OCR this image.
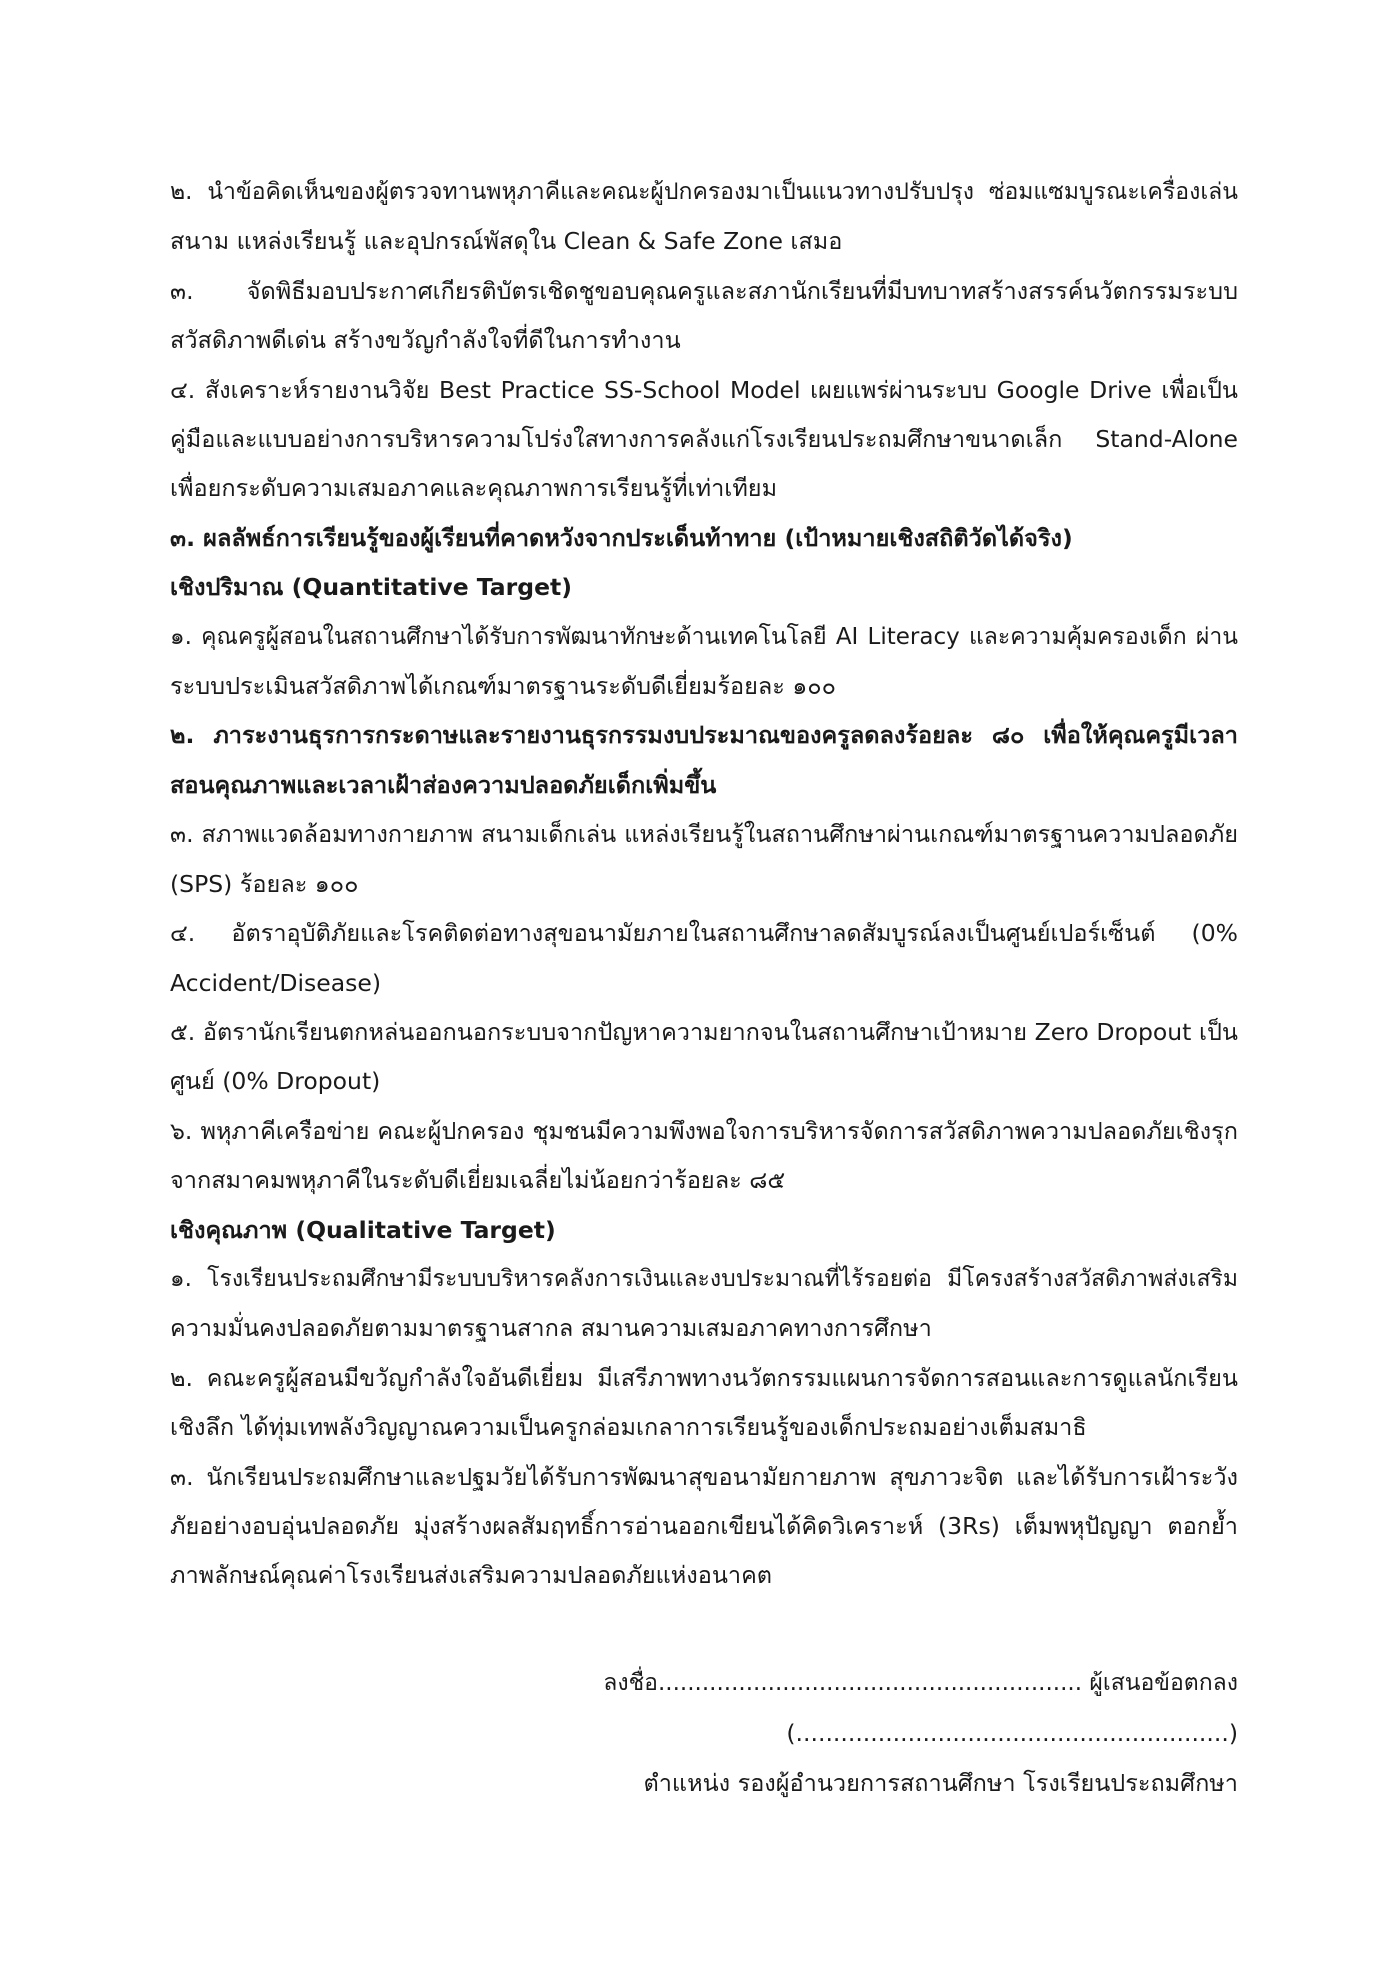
๒. นำข้อคิดเห็นของผู้ตรวจทานพหุภาคีและคณะผู้ปกครองมาเป็นแนวทางปรับปรุง ซ่อมแซมบูรณะเครื่องเล่น
สนาม แหล่งเรียนรู้ และอุปกรณ์พัสดุใน Clean & Safe Zone เสมอ
๓. จัดพิธีมอบประกาศเกียรติบัตรเชิดชูขอบคุณครูและสภานักเรียนที่มีบทบาทสร้างสรรค์นวัตกรรมระบบ
สวัสดิภาพดีเด่น สร้างขวัญกำลังใจที่ดีในการทำงาน
๔. สังเคราะห์รายงานวิจัย Best Practice SS-School Model เผยแพร่ผ่านระบบ Google Drive เพื่อเป็น
คู่มือและแบบอย่างการบริหารความโปร่งใสทางการคลังแก่โรงเรียนประถมศึกษาขนาดเล็ก Stand-Alone
เพื่อยกระดับความเสมอภาคและคุณภาพการเรียนรู้ที่เท่าเทียม
๓. ผลลัพธ์การเรียนรู้ของผู้เรียนที่คาดหวังจากประเด็นท้าทาย (เป้าหมายเชิงสถิติวัดได้จริง)
เชิงปริมาณ (Quantitative Target)
๑. คุณครูผู้สอนในสถานศึกษาได้รับการพัฒนาทักษะด้านเทคโนโลยี AI Literacy และความคุ้มครองเด็ก ผ่าน
ระบบประเมินสวัสดิภาพได้เกณฑ์มาตรฐานระดับดีเยี่ยมร้อยละ ๑๐๐
๒. ภาระงานธุรการกระดาษและรายงานธุรกรรมงบประมาณของครูลดลงร้อยละ ๘๐ เพื่อให้คุณครูมีเวลา
สอนคุณภาพและเวลาเฝ้าส่องความปลอดภัยเด็กเพิ่มขึ้น
๓. สภาพแวดล้อมทางกายภาพ สนามเด็กเล่น แหล่งเรียนรู้ในสถานศึกษาผ่านเกณฑ์มาตรฐานความปลอดภัย
(SPS) ร้อยละ ๑๐๐
๔. อัตราอุบัติภัยและโรคติดต่อทางสุขอนามัยภายในสถานศึกษาลดสัมบูรณ์ลงเป็นศูนย์เปอร์เซ็นต์ (0%
Accident/Disease)
๕. อัตรานักเรียนตกหล่นออกนอกระบบจากปัญหาความยากจนในสถานศึกษาเป้าหมาย Zero Dropout เป็น
ศูนย์ (0% Dropout)
๖. พหุภาคีเครือข่าย คณะผู้ปกครอง ชุมชนมีความพึงพอใจการบริหารจัดการสวัสดิภาพความปลอดภัยเชิงรุก
จากสมาคมพหุภาคีในระดับดีเยี่ยมเฉลี่ยไม่น้อยกว่าร้อยละ ๘๕
เชิงคุณภาพ (Qualitative Target)
๑. โรงเรียนประถมศึกษามีระบบบริหารคลังการเงินและงบประมาณที่ไร้รอยต่อ มีโครงสร้างสวัสดิภาพส่งเสริม
ความมั่นคงปลอดภัยตามมาตรฐานสากล สมานความเสมอภาคทางการศึกษา
๒. คณะครูผู้สอนมีขวัญกำลังใจอันดีเยี่ยม มีเสรีภาพทางนวัตกรรมแผนการจัดการสอนและการดูแลนักเรียน
เชิงลึก ได้ทุ่มเทพลังวิญญาณความเป็นครูกล่อมเกลาการเรียนรู้ของเด็กประถมอย่างเต็มสมาธิ
๓. นักเรียนประถมศึกษาและปฐมวัยได้รับการพัฒนาสุขอนามัยกายภาพ สุขภาวะจิต และได้รับการเฝ้าระวัง
ภัยอย่างอบอุ่นปลอดภัย มุ่งสร้างผลสัมฤทธิ์การอ่านออกเขียนได้คิดวิเคราะห์ (3Rs) เต็มพหุปัญญา ตอกย้ำ
ภาพลักษณ์คุณค่าโรงเรียนส่งเสริมความปลอดภัยแห่งอนาคต
ลงชื่อ.......................................................... ผู้เสนอข้อตกลง
(..........................................................)
ตำแหน่ง รองผู้อำนวยการสถานศึกษา โรงเรียนประถมศึกษา
